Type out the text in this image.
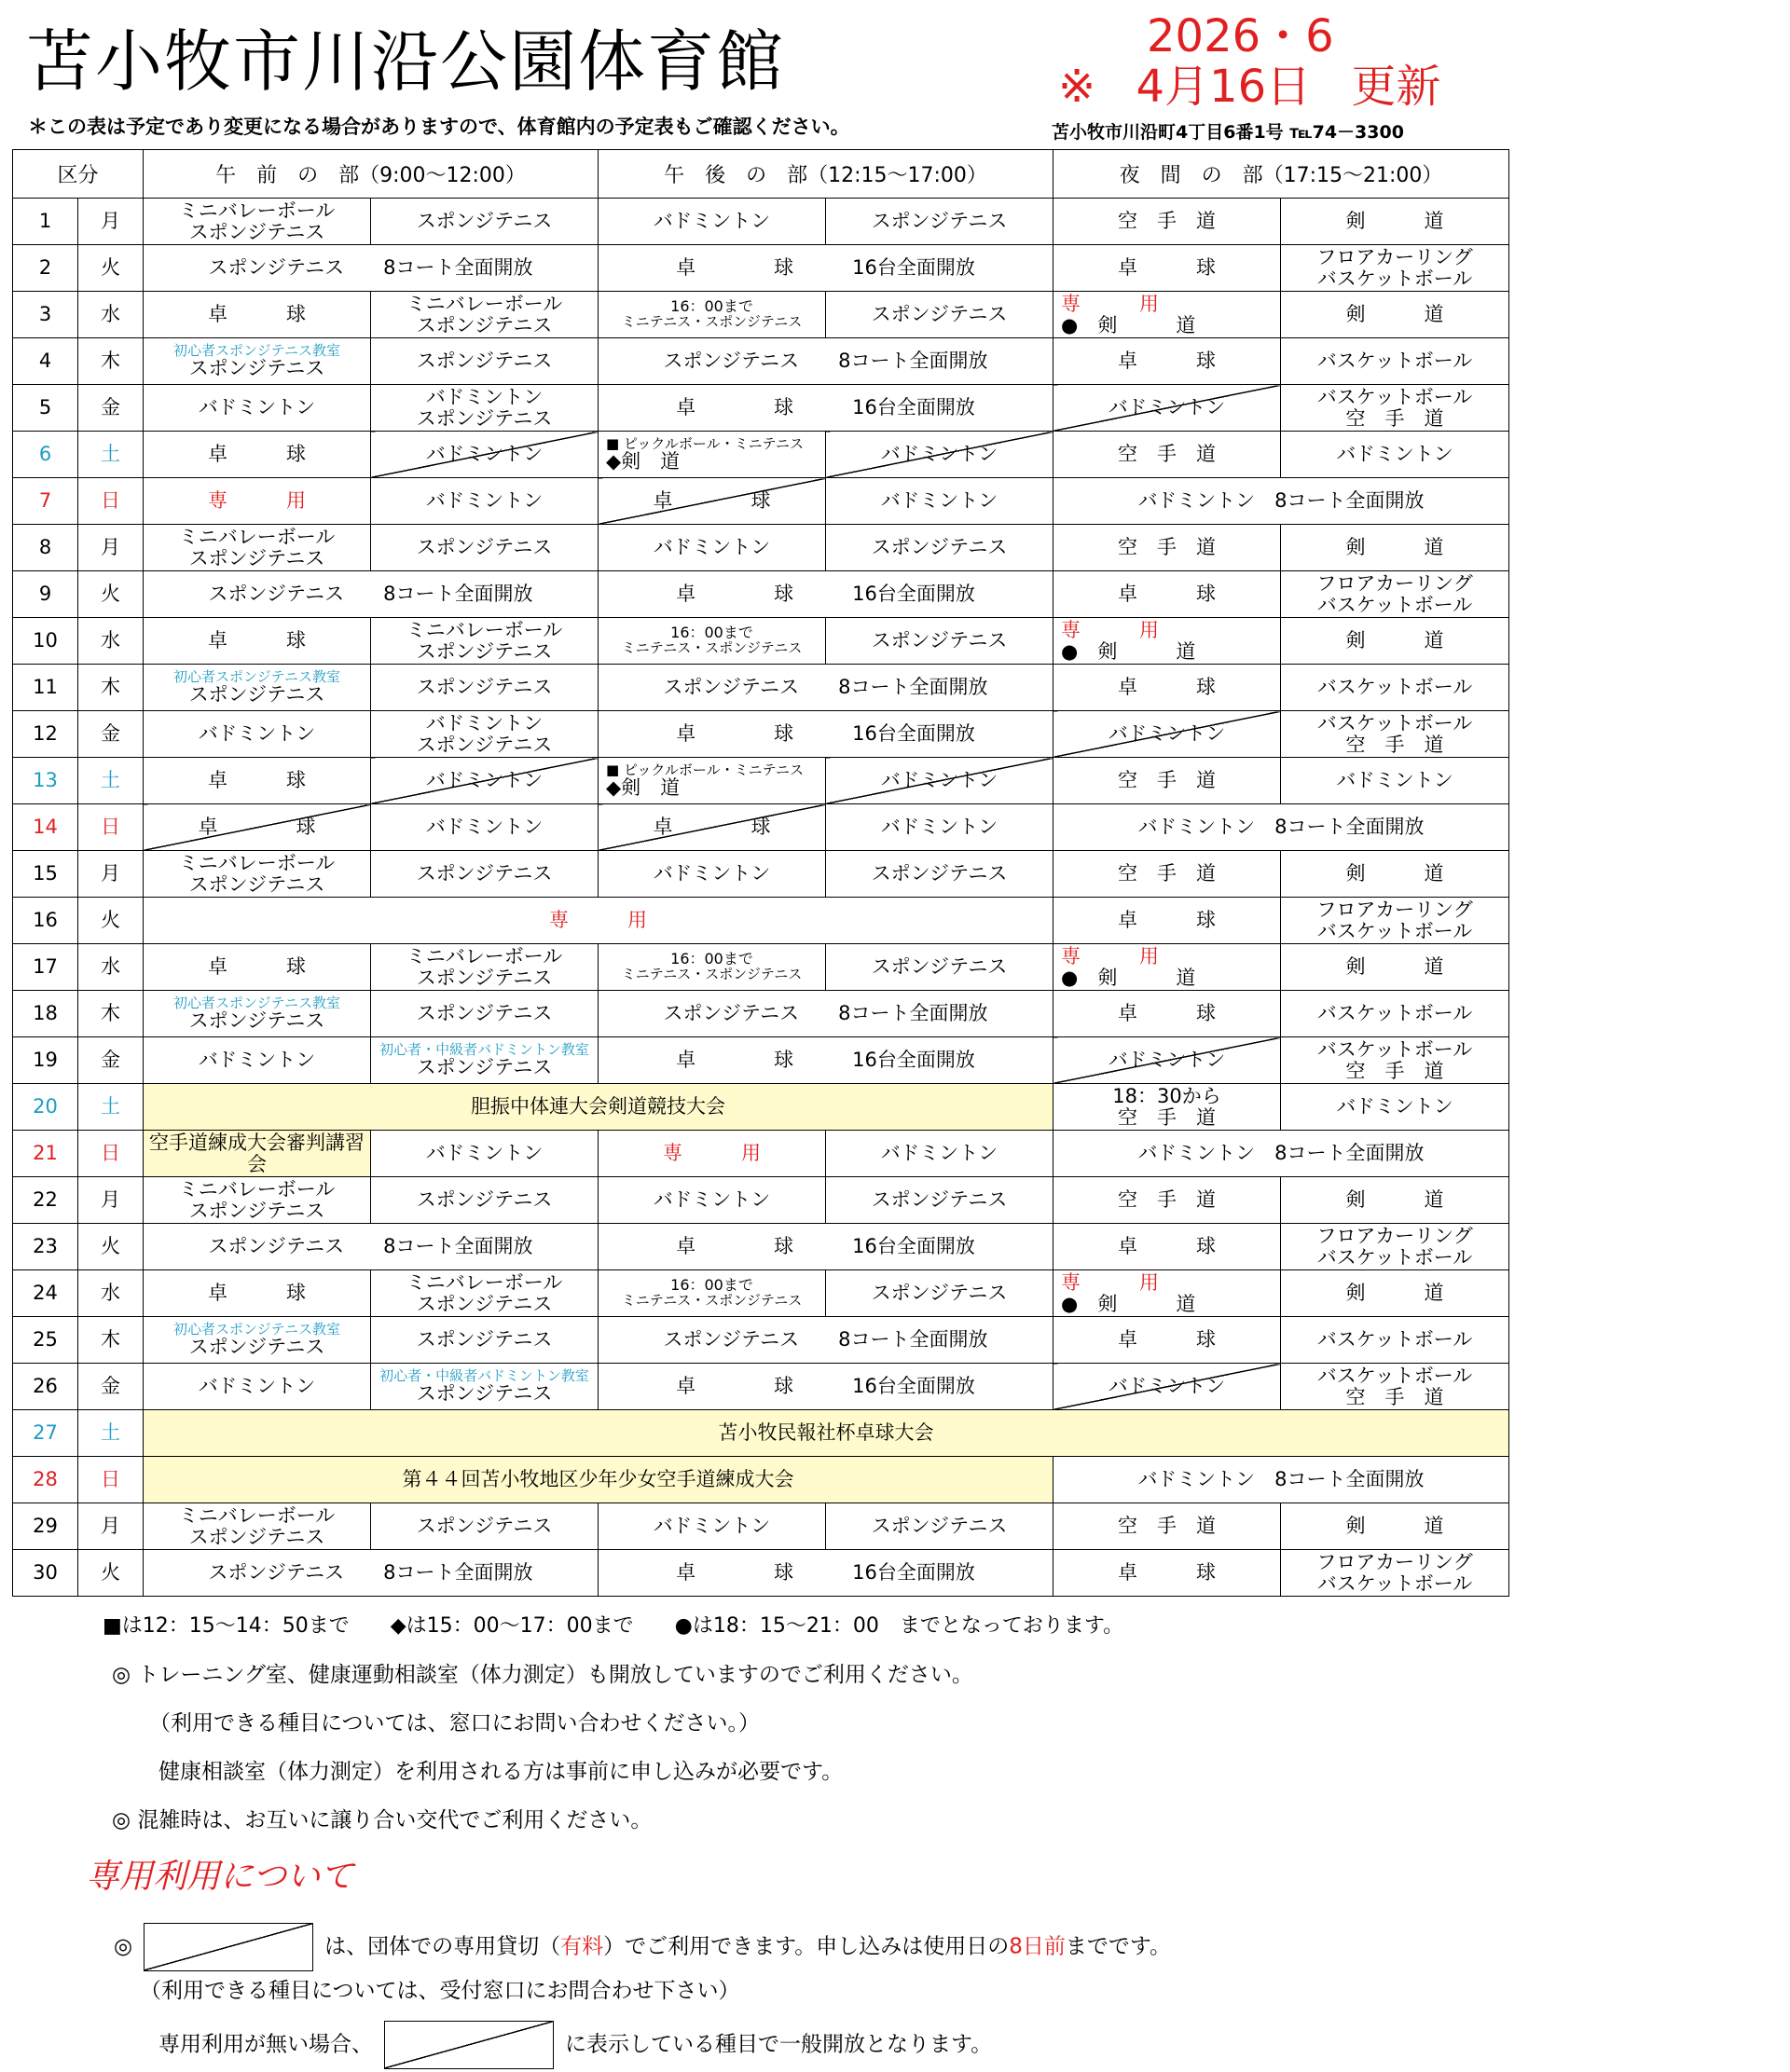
苫小牧市川沿公園体育館	2026・6
※ 4月16日 更新
＊この表は予定であり変更になる場合がありますので、体育館内の予定表もご確認ください。	苫小牧市川沿町4丁目6番1号 ℡74－3300
区分		午　前　の　部（9:00～12:00）		午　後　の　部（12:15～17:00）		夜　間　の　部（17:15～21:00）	
1	月	ミニバレーボール
スポンジテニス	スポンジテニス	バドミントン	スポンジテニス	空　手　道	剣　　　道

2	火	スポンジテニス　　8コート全面開放		卓　　　　球　　　16台全面開放		卓　　　球	フロアカーリング
バスケットボール

3	水	卓　　　球	ミニバレーボール
スポンジテニス	16：00まで
ミニテニス・スポンジテニス	スポンジテニス	専　　　用
●　剣　　　道	剣　　　道

4	木	初心者スポンジテニス教室
スポンジテニス	スポンジテニス	スポンジテニス　　8コート全面開放		卓　　　球	バスケットボール

5	金	バドミントン	バドミントン
スポンジテニス	卓　　　　球　　　16台全面開放		バドミントン	バスケットボール
空　手　道

6	土	卓　　　球	バドミントン	■ ピックルボール・ミニテニス
◆剣　道	バドミントン	空　手　道	バドミントン

7	日	専　　　用	バドミントン	卓　　　　球	バドミントン	バドミントン　8コート全面開放	

8	月	ミニバレーボール
スポンジテニス	スポンジテニス	バドミントン	スポンジテニス	空　手　道	剣　　　道

9	火	スポンジテニス　　8コート全面開放		卓　　　　球　　　16台全面開放		卓　　　球	フロアカーリング
バスケットボール

10	水	卓　　　球	ミニバレーボール
スポンジテニス	16：00まで
ミニテニス・スポンジテニス	スポンジテニス	専　　　用
●　剣　　　道	剣　　　道

11	木	初心者スポンジテニス教室
スポンジテニス	スポンジテニス	スポンジテニス　　8コート全面開放		卓　　　球	バスケットボール

12	金	バドミントン	バドミントン
スポンジテニス	卓　　　　球　　　16台全面開放		バドミントン	バスケットボール
空　手　道

13	土	卓　　　球	バドミントン	■ ピックルボール・ミニテニス
◆剣　道	バドミントン	空　手　道	バドミントン

14	日	卓　　　　球	バドミントン	卓　　　　球	バドミントン	バドミントン　8コート全面開放	

15	月	ミニバレーボール
スポンジテニス	スポンジテニス	バドミントン	スポンジテニス	空　手　道	剣　　　道

16	火	専　　　用				卓　　　球	フロアカーリング
バスケットボール

17	水	卓　　　球	ミニバレーボール
スポンジテニス	16：00まで
ミニテニス・スポンジテニス	スポンジテニス	専　　　用
●　剣　　　道	剣　　　道

18	木	初心者スポンジテニス教室
スポンジテニス	スポンジテニス	スポンジテニス　　8コート全面開放		卓　　　球	バスケットボール

19	金	バドミントン	初心者・中級者バドミントン教室
スポンジテニス	卓　　　　球　　　16台全面開放		バドミントン	バスケットボール
空　手　道

20	土	胆振中体連大会剣道競技大会				18：30から
空　手　道	バドミントン

21	日	空手道練成大会審判講習会	バドミントン	専　　　用	バドミントン	バドミントン　8コート全面開放	

22	月	ミニバレーボール
スポンジテニス	スポンジテニス	バドミントン	スポンジテニス	空　手　道	剣　　　道

23	火	スポンジテニス　　8コート全面開放		卓　　　　球　　　16台全面開放		卓　　　球	フロアカーリング
バスケットボール

24	水	卓　　　球	ミニバレーボール
スポンジテニス	16：00まで
ミニテニス・スポンジテニス	スポンジテニス	専　　　用
●　剣　　　道	剣　　　道

25	木	初心者スポンジテニス教室
スポンジテニス	スポンジテニス	スポンジテニス　　8コート全面開放		卓　　　球	バスケットボール

26	金	バドミントン	初心者・中級者バドミントン教室
スポンジテニス	卓　　　　球　　　16台全面開放		バドミントン	バスケットボール
空　手　道

27	土	苫小牧民報社杯卓球大会					

28	日	第４４回苫小牧地区少年少女空手道練成大会				バドミントン　8コート全面開放	

29	月	ミニバレーボール
スポンジテニス	スポンジテニス	バドミントン	スポンジテニス	空　手　道	剣　　　道

30	火	スポンジテニス　　8コート全面開放		卓　　　　球　　　16台全面開放		卓　　　球	フロアカーリング
バスケットボール
■は12：15～14：50まで　　◆は15：00～17：00まで　　●は18：15～21：00　までとなっております。
◎ トレーニング室、健康運動相談室（体力測定）も開放していますのでご利用ください。
（利用できる種目については、窓口にお問い合わせください。）
健康相談室（体力測定）を利用される方は事前に申し込みが必要です。
◎ 混雑時は、お互いに譲り合い交代でご利用ください。
専用利用について
◎	は、団体での専用貸切（有料）でご利用できます。申し込みは使用日の8日前までです。
（利用できる種目については、受付窓口にお問合わせ下さい）
専用利用が無い場合、	に表示している種目で一般開放となります。
